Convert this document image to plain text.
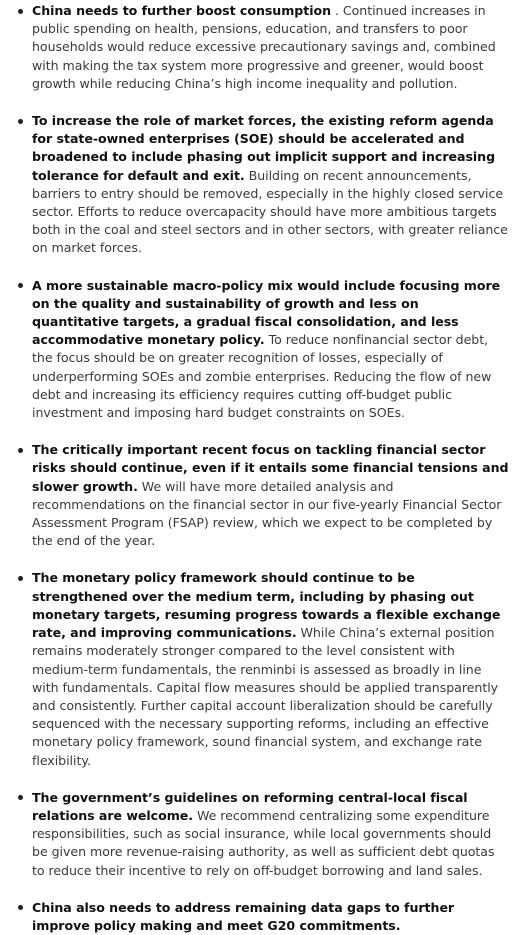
China needs to further boost consumption . Continued increases in public spending on health, pensions, education, and transfers to poor households would reduce excessive precautionary savings and, combined with making the tax system more progressive and greener, would boost growth while reducing China’s high income inequality and pollution.
To increase the role of market forces, the existing reform agenda for state-owned enterprises (SOE) should be accelerated and broadened to include phasing out implicit support and increasing tolerance for default and exit. Building on recent announcements, barriers to entry should be removed, especially in the highly closed service sector. Efforts to reduce overcapacity should have more ambitious targets both in the coal and steel sectors and in other sectors, with greater reliance on market forces.
A more sustainable macro-policy mix would include focusing more on the quality and sustainability of growth and less on quantitative targets, a gradual fiscal consolidation, and less accommodative monetary policy. To reduce nonfinancial sector debt, the focus should be on greater recognition of losses, especially of underperforming SOEs and zombie enterprises. Reducing the flow of new debt and increasing its efficiency requires cutting off-budget public investment and imposing hard budget constraints on SOEs.
The critically important recent focus on tackling financial sector risks should continue, even if it entails some financial tensions and slower growth. We will have more detailed analysis and recommendations on the financial sector in our five-yearly Financial Sector Assessment Program (FSAP) review, which we expect to be completed by the end of the year.
The monetary policy framework should continue to be strengthened over the medium term, including by phasing out monetary targets, resuming progress towards a flexible exchange rate, and improving communications. While China’s external position remains moderately stronger compared to the level consistent with medium-term fundamentals, the renminbi is assessed as broadly in line with fundamentals. Capital flow measures should be applied transparently and consistently. Further capital account liberalization should be carefully sequenced with the necessary supporting reforms, including an effective monetary policy framework, sound financial system, and exchange rate flexibility.
The government’s guidelines on reforming central-local fiscal relations are welcome. We recommend centralizing some expenditure responsibilities, such as social insurance, while local governments should be given more revenue-raising authority, as well as sufficient debt quotas to reduce their incentive to rely on off-budget borrowing and land sales.
China also needs to address remaining data gaps to further improve policy making and meet G20 commitments.
